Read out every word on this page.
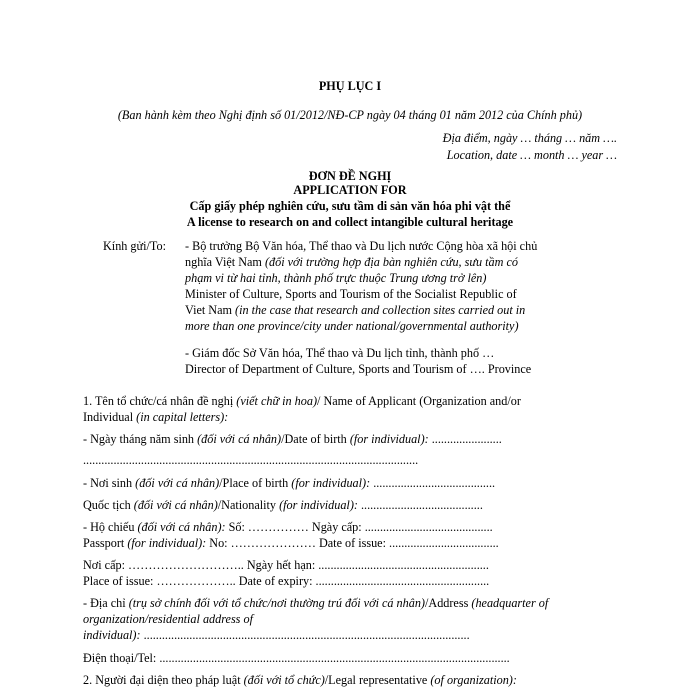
PHỤ LỤC I
(Ban hành kèm theo Nghị định số 01/2012/NĐ-CP ngày 04 tháng 01 năm 2012 của Chính phủ)
Địa điểm, ngày … tháng … năm ….
Location, date … month … year …
ĐƠN ĐỀ NGHỊ
APPLICATION FOR
Cấp giấy phép nghiên cứu, sưu tầm di sản văn hóa phi vật thể
A license to research on and collect intangible cultural heritage
Kính gửi/To: - Bộ trưởng Bộ Văn hóa, Thể thao và Du lịch nước Cộng hòa xã hội chủ
nghĩa Việt Nam (đối với trường hợp địa bàn nghiên cứu, sưu tầm có
phạm vi từ hai tỉnh, thành phố trực thuộc Trung ương trở lên)
Minister of Culture, Sports and Tourism of the Socialist Republic of
Viet Nam (in the case that research and collection sites carried out in
more than one province/city under national/governmental authority)
- Giám đốc Sở Văn hóa, Thể thao và Du lịch tỉnh, thành phố …
Director of Department of Culture, Sports and Tourism of …. Province
1. Tên tổ chức/cá nhân đề nghị (viết chữ in hoa)/ Name of Applicant (Organization and/or
Individual (in capital letters):
- Ngày tháng năm sinh (đối với cá nhân)/Date of birth (for individual): .......................
..............................................................................................................
- Nơi sinh (đối với cá nhân)/Place of birth (for individual): ........................................
Quốc tịch (đối với cá nhân)/Nationality (for individual): ........................................
- Hộ chiếu (đối với cá nhân): Số: …………… Ngày cấp: ..........................................
Passport (for individual): No: ………………… Date of issue: ....................................
Nơi cấp: ……………………….. Ngày hết hạn: ........................................................
Place of issue: ……………….. Date of expiry: .........................................................
- Địa chỉ (trụ sở chính đối với tổ chức/nơi thường trú đối với cá nhân)/Address (headquarter of
organization/residential address of
individual): ...........................................................................................................
Điện thoại/Tel: ...................................................................................................................
2. Người đại diện theo pháp luật (đối với tổ chức)/Legal representative (of organization):
